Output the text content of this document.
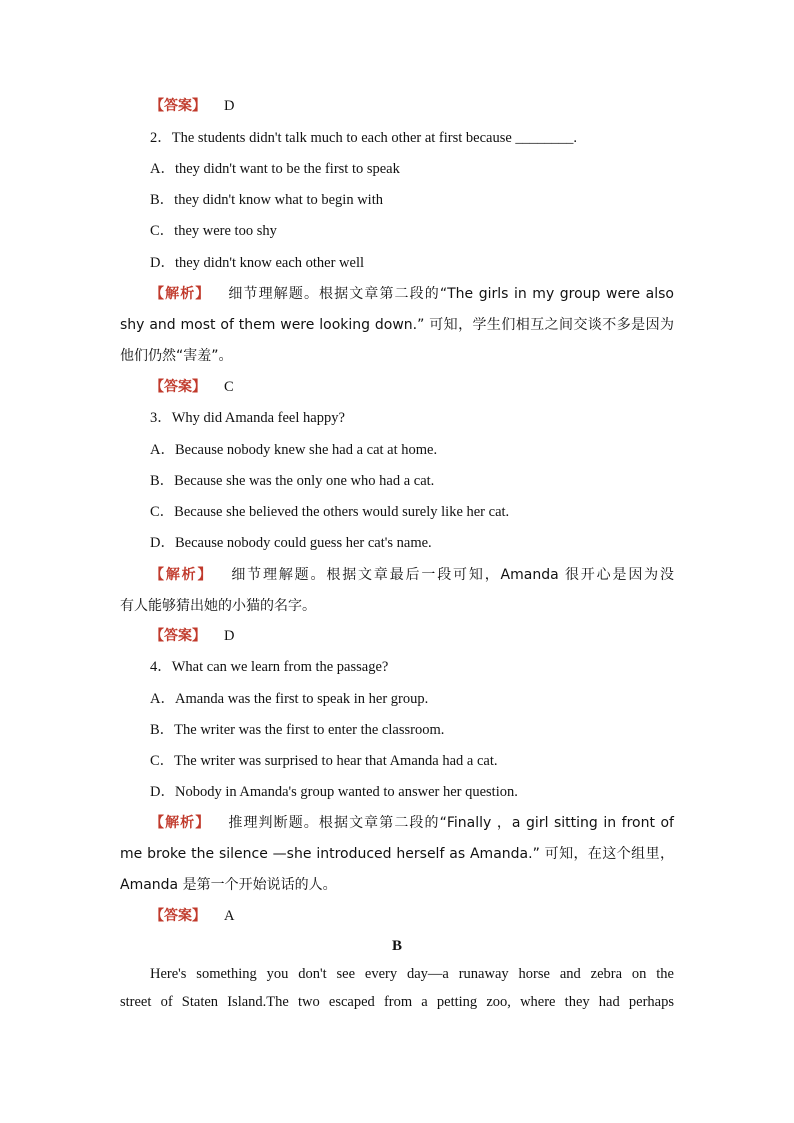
【答案】 D
2．The students didn't talk much to each other at first because ________.
A．they didn't want to be the first to speak
B．they didn't know what to begin with
C．they were too shy
D．they didn't know each other well
【解析】 细节理解题。根据文章第二段的“The girls in my group were also
shy and most of them were looking down.” 可知，学生们相互之间交谈不多是因为
他们仍然“害羞”。
【答案】 C
3．Why did Amanda feel happy?
A．Because nobody knew she had a cat at home.
B．Because she was the only one who had a cat.
C．Because she believed the others would surely like her cat.
D．Because nobody could guess her cat's name.
【解析】 细节理解题。根据文章最后一段可知，Amanda 很开心是因为没
有人能够猜出她的小猫的名字。
【答案】 D
4．What can we learn from the passage?
A．Amanda was the first to speak in her group.
B．The writer was the first to enter the classroom.
C．The writer was surprised to hear that Amanda had a cat.
D．Nobody in Amanda's group wanted to answer her question.
【解析】 推理判断题。根据文章第二段的“Finally ，a girl sitting in front of
me broke the silence —she introduced herself as Amanda.” 可知，在这个组里，
Amanda 是第一个开始说话的人。
【答案】 A
B
Here's something you don't see every day—a runaway horse and zebra on the
street of Staten Island.The two escaped from a petting zoo, where they had perhaps
